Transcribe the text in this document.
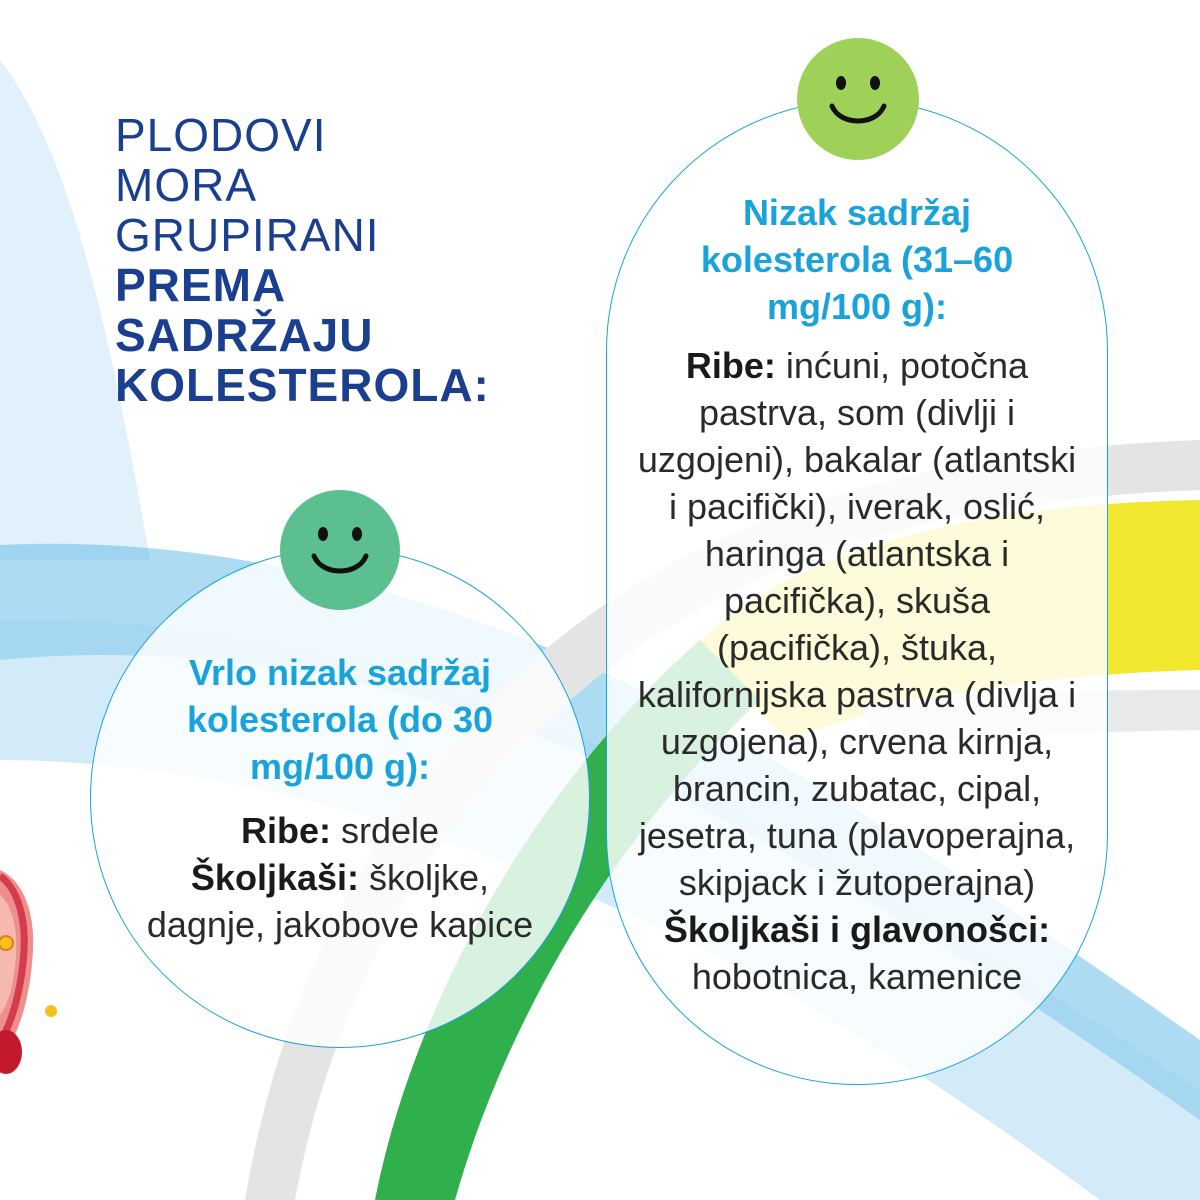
PLODOVI
MORA
GRUPIRANI
PREMA
SADRŽAJU
KOLESTEROLA:
Vrlo nizak sadržaj kolesterola (do 30 mg/100 g):

Ribe: srdele

Školjkaši: školjke, dagnje, jakobove kapice

Nizak sadržaj kolesterola (31–60 mg/100 g):

Ribe: inćuni, potočna pastrva, som (divlji i uzgojeni), bakalar (atlantski i pacifički), iverak, oslić, haringa (atlantska i pacifička), skuša (pacifička), štuka, kalifornijska pastrva (divlja i uzgojena), crvena kirnja, brancin, zubatac, cipal, jesetra, tuna (plavoperajna, skipjack i žutoperajna)

Školjkaši i glavonošci: hobotnica, kamenice
